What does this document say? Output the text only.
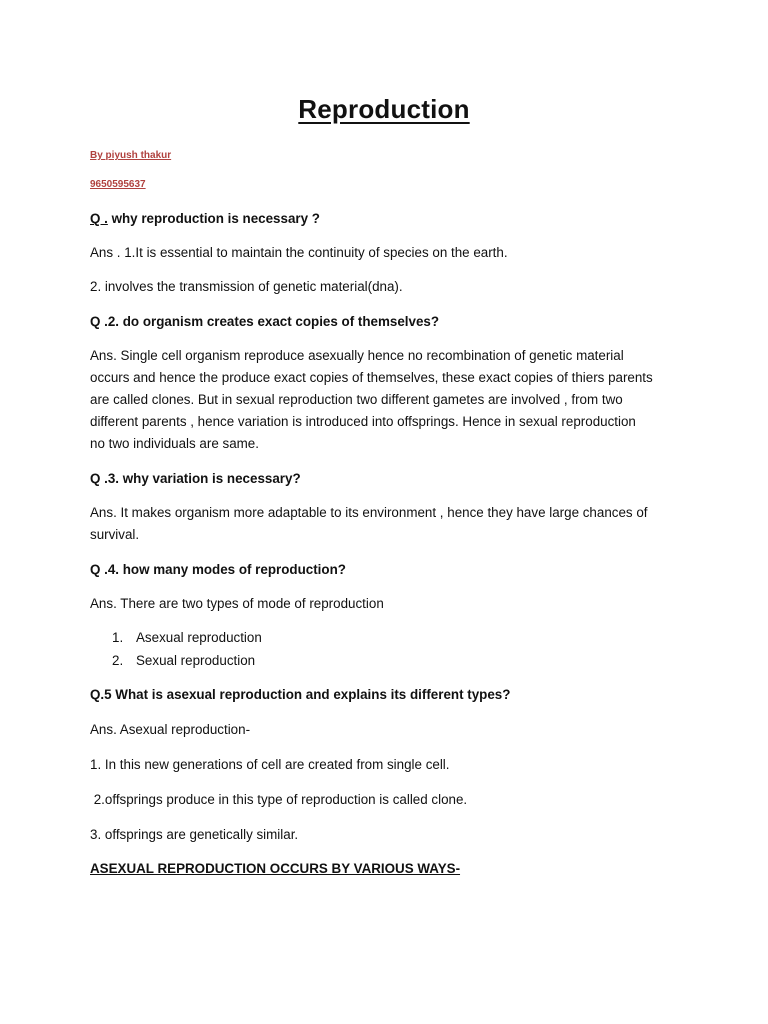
Reproduction
By piyush thakur
9650595637
Q . why reproduction is necessary ?
Ans . 1.It is essential to maintain the continuity of species on the earth.
2. involves the transmission of genetic material(dna).
Q .2. do organism creates exact copies of themselves?
Ans. Single cell organism reproduce asexually hence no recombination of genetic material
occurs and hence the produce exact copies of themselves, these exact copies of thiers parents
are called clones. But in sexual reproduction two different gametes are involved , from two
different parents , hence variation is introduced into offsprings. Hence in sexual reproduction
no two individuals are same.
Q .3. why variation is necessary?
Ans. It makes organism more adaptable to its environment , hence they have large chances of
survival.
Q .4. how many modes of reproduction?
Ans. There are two types of mode of reproduction
1. Asexual reproduction
2. Sexual reproduction
Q.5 What is asexual reproduction and explains its different types?
Ans. Asexual reproduction-
1. In this new generations of cell are created from single cell.
2.offsprings produce in this type of reproduction is called clone.
3. offsprings are genetically similar.
ASEXUAL REPRODUCTION OCCURS BY VARIOUS WAYS-
